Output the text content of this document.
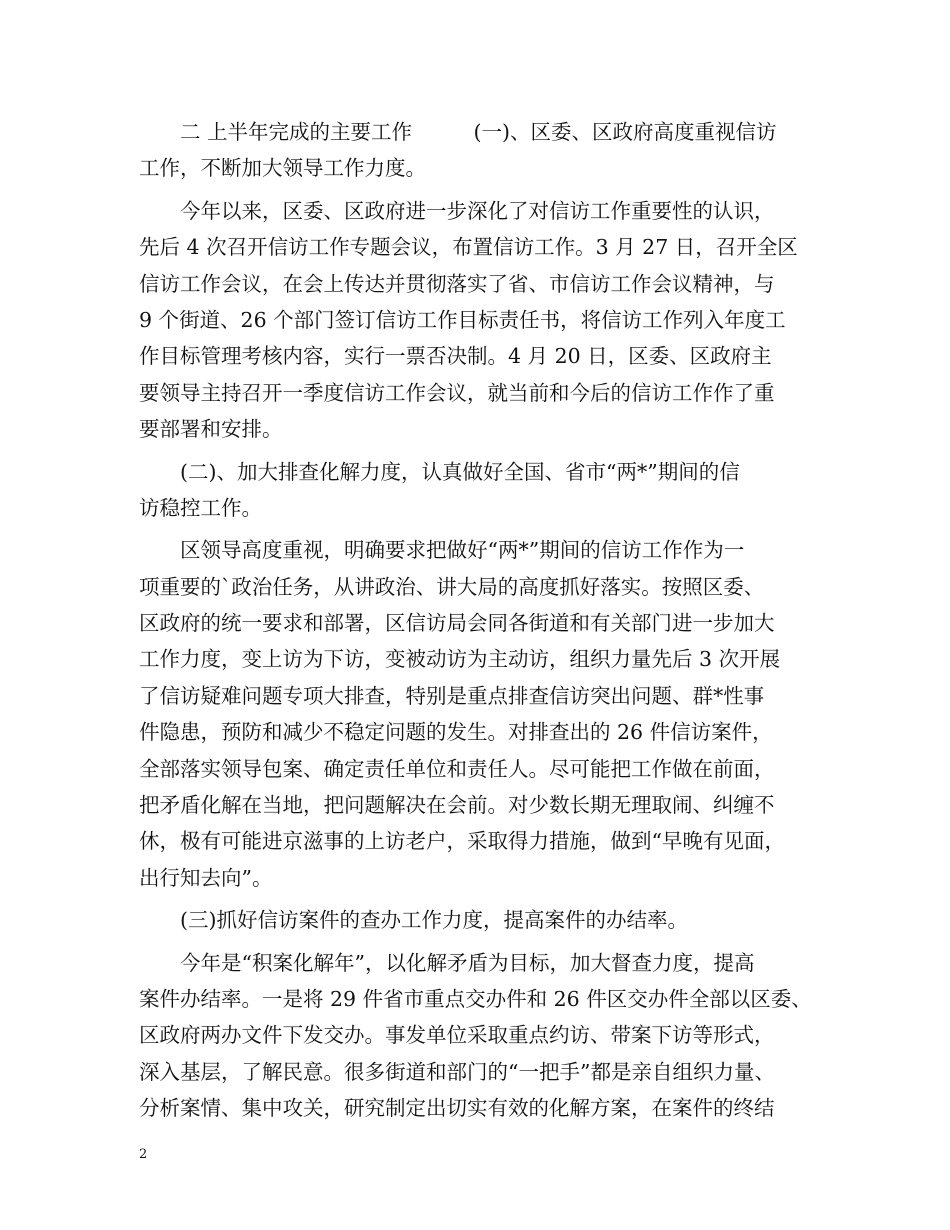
　　二 上半年完成的主要工作　　　(一)、区委、区政府高度重视信访
工作，不断加大领导工作力度。
　　今年以来，区委、区政府进一步深化了对信访工作重要性的认识，
先后 4 次召开信访工作专题会议，布置信访工作。3 月 27 日，召开全区
信访工作会议，在会上传达并贯彻落实了省、市信访工作会议精神，与
9 个街道、26 个部门签订信访工作目标责任书，将信访工作列入年度工
作目标管理考核内容，实行一票否决制。4 月 20 日，区委、区政府主
要领导主持召开一季度信访工作会议，就当前和今后的信访工作作了重
要部署和安排。
　　(二)、加大排查化解力度，认真做好全国、省市“两*”期间的信
访稳控工作。
　　区领导高度重视，明确要求把做好“两*”期间的信访工作作为一
项重要的`政治任务，从讲政治、讲大局的高度抓好落实。按照区委、
区政府的统一要求和部署，区信访局会同各街道和有关部门进一步加大
工作力度，变上访为下访，变被动访为主动访，组织力量先后 3 次开展
了信访疑难问题专项大排查，特别是重点排查信访突出问题、群*性事
件隐患，预防和减少不稳定问题的发生。对排查出的 26 件信访案件，
全部落实领导包案、确定责任单位和责任人。尽可能把工作做在前面，
把矛盾化解在当地，把问题解决在会前。对少数长期无理取闹、纠缠不
休，极有可能进京滋事的上访老户，采取得力措施，做到“早晚有见面，
出行知去向”。
　　(三)抓好信访案件的查办工作力度，提高案件的办结率。
　　今年是“积案化解年”，以化解矛盾为目标，加大督查力度，提高
案件办结率。一是将 29 件省市重点交办件和 26 件区交办件全部以区委、
区政府两办文件下发交办。事发单位采取重点约访、带案下访等形式，
深入基层，了解民意。很多街道和部门的“一把手”都是亲自组织力量、
分析案情、集中攻关，研究制定出切实有效的化解方案，在案件的终结
2
